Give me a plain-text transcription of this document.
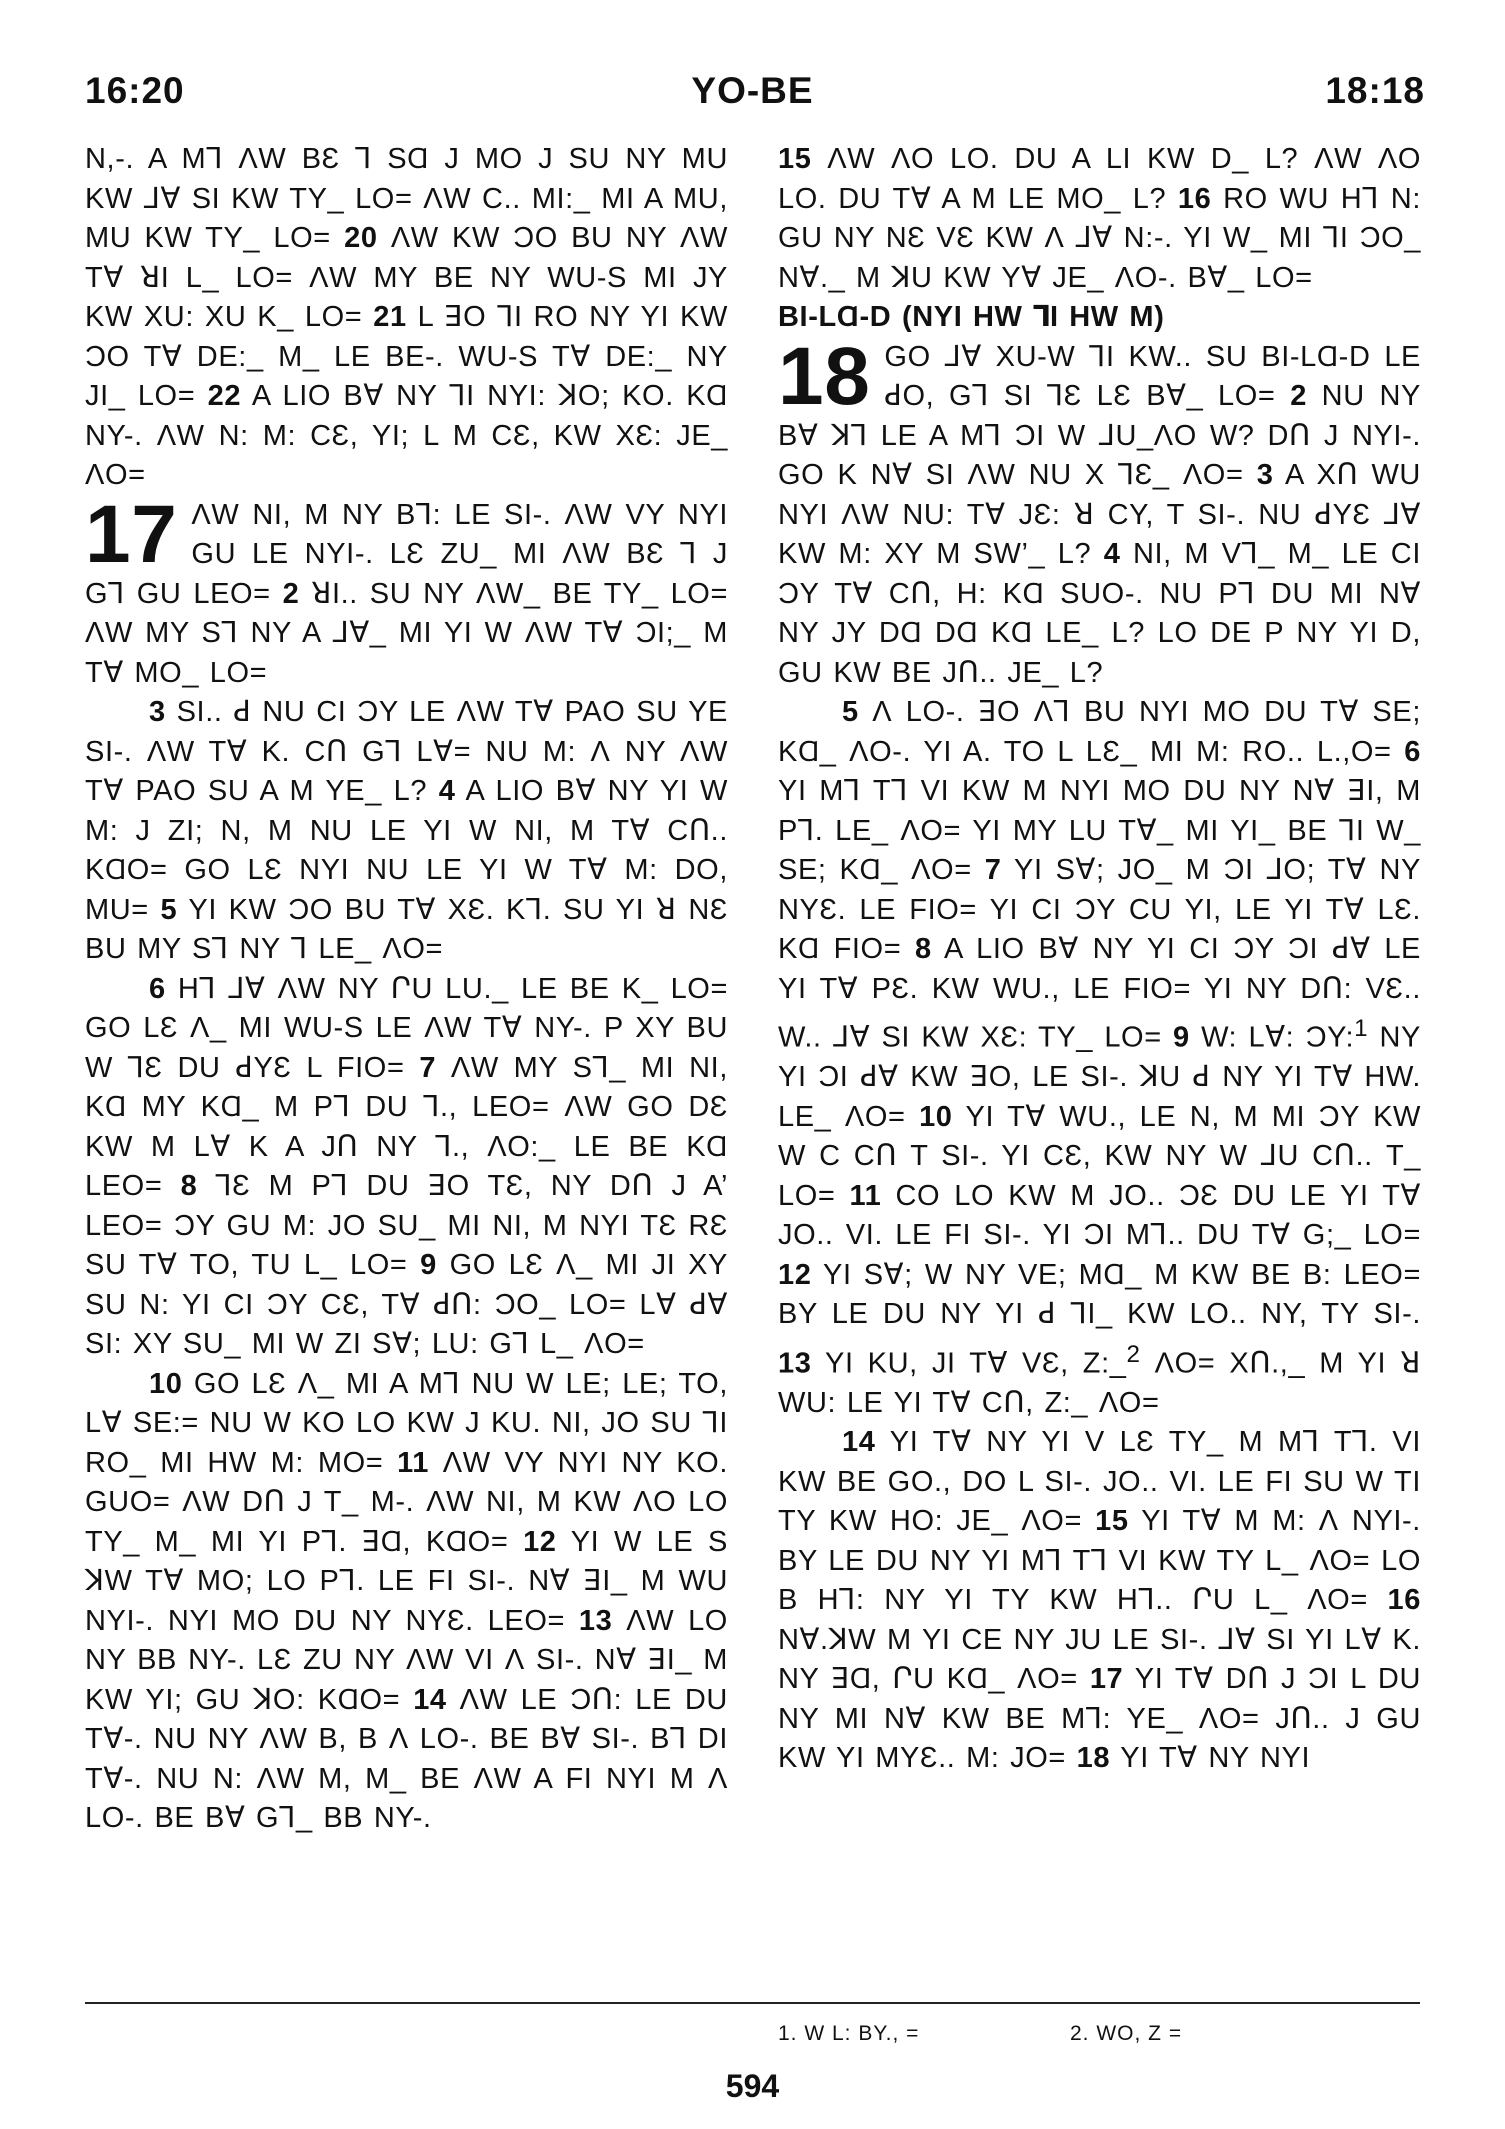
16:20	YO-BE	18:18

N,-. A M⅂ ɅW BƐ ⅂ SⱭ J MO J SU NY MU KW ⅃Ɐ SI KW TY_ LO= ɅW C.. MI:_ MI A MU, MU KW TY_ LO= 20 ɅW KW ƆO BU NY ɅW TⱯ ꓤI L_ LO= ɅW MY BE NY WU-S MI JY KW XU: XU K_ LO= 21 L ꓱO ꓶI RO NY YI KW ƆO TⱯ DE:_ M_ LE BE-. WU-S TⱯ DE:_ NY JI_ LO= 22 A LIO BⱯ NY ꓶI NYI: ꓘO; KO. KⱭ NY-. ɅW N: M: CƐ, YI; L M CƐ, KW XƐ: JE_ ɅO=

17 ɅW NI, M NY B⅂: LE SI-. ɅW VY NYI GU LE NYI-. LƐ ZU_ MI ɅW BƐ ⅂ J G⅂ GU LEO= 2 ꓤI.. SU NY ɅW_ BE TY_ LO= ɅW MY S⅂ NY A ⅃Ɐ_ MI YI W ɅW TⱯ ƆI;_ M TⱯ MO_ LO=

3 SI.. ꓒ NU CI ƆY LE ɅW TⱯ PAO SU YE SI-. ɅW TⱯ K. CՈ G⅂ LⱯ= NU M: Ʌ NY ɅW TⱯ PAO SU A M YE_ L? 4 A LIO BⱯ NY YI W M: J ZI; N, M NU LE YI W NI, M TⱯ CՈ.. KⱭO= GO LƐ NYI NU LE YI W TⱯ M: DO, MU= 5 YI KW ƆO BU TⱯ XƐ. K⅂. SU YI ꓤ NƐ BU MY S⅂ NY ⅂ LE_ ɅO=

6 H⅂ ⅃Ɐ ɅW NY ՐU LU._ LE BE K_ LO= GO LƐ Ʌ_ MI WU-S LE ɅW TⱯ NY-. P XY BU W ꓶƐ DU ꓒYƐ L FIO= 7 ɅW MY S⅂_ MI NI, KⱭ MY KⱭ_ M P⅂ DU ⅂., LEO= ɅW GO DƐ KW M LⱯ K A JՈ NY ⅂., ɅO:_ LE BE KⱭ LEO= 8 ꓶƐ M P⅂ DU ꓱO TƐ, NY DՈ J A’ LEO= ƆY GU M: JO SU_ MI NI, M NYI TƐ RƐ SU TⱯ TO, TU L_ LO= 9 GO LƐ Ʌ_ MI JI XY SU N: YI CI ƆY CƐ, TⱯ ꓒՈ: ƆO_ LO= LⱯ ꓒⱯ SI: XY SU_ MI W ZI SⱯ; LU: G⅂ L_ ɅO=

10 GO LƐ Ʌ_ MI A M⅂ NU W LE; LE; TO, LⱯ SE:= NU W KO LO KW J KU. NI, JO SU ꓶI RO_ MI HW M: MO= 11 ɅW VY NYI NY KO. GUO= ɅW DՈ J T_ M-. ɅW NI, M KW ɅO LO TY_ M_ MI YI P⅂. ꓱⱭ, KⱭO= 12 YI W LE S ꓘW TⱯ MO; LO P⅂. LE FI SI-. NⱯ ꓱI_ M WU NYI-. NYI MO DU NY NYƐ. LEO= 13 ɅW LO NY BB NY-. LƐ ZU NY ɅW VI Ʌ SI-. NⱯ ꓱI_ M KW YI; GU ꓘO: KⱭO= 14 ɅW LE ƆՈ: LE DU TⱯ-. NU NY ɅW B, B Ʌ LO-. BE BⱯ SI-. B⅂ DI TⱯ-. NU N: ɅW M, M_ BE ɅW A FI NYI M Ʌ LO-. BE BⱯ G⅂_ BB NY-.

15 ɅW ɅO LO. DU A LI KW D_ L? ɅW ɅO LO. DU TⱯ A M LE MO_ L? 16 RO WU H⅂ N: GU NY NƐ VƐ KW Ʌ ⅃Ɐ N:-. YI W_ MI ꓶI ƆO_ NⱯ._ M ꓘU KW YⱯ JE_ ɅO-. BⱯ_ LO=

BI-LⱭ-D (NYI HW ꓶI HW M)

18 GO ⅃Ɐ XU-W ꓶI KW.. SU BI-LⱭ-D LE ꓒO, G⅂ SI ꓶƐ LƐ BⱯ_ LO= 2 NU NY BⱯ ꓘ⅂ LE A M⅂ ƆI W ⅃U_ɅO W? DՈ J NYI-. GO K NⱯ SI ɅW NU X ꓶƐ_ ɅO= 3 A XՈ WU NYI ɅW NU: TⱯ JƐ: ꓤ CY, T SI-. NU ꓒYƐ ⅃Ɐ KW M: XY M SW’_ L? 4 NI, M V⅂_ M_ LE CI ƆY TⱯ CՈ, H: KⱭ SUO-. NU P⅂ DU MI NⱯ NY JY DⱭ DⱭ KⱭ LE_ L? LO DE P NY YI D, GU KW BE JՈ.. JE_ L?

5 Ʌ LO-. ꓱO Ʌ⅂ BU NYI MO DU TⱯ SE; KⱭ_ ɅO-. YI A. TO L LƐ_ MI M: RO.. L.,O= 6 YI M⅂ T⅂ VI KW M NYI MO DU NY NⱯ ꓱI, M P⅂. LE_ ɅO= YI MY LU TⱯ_ MI YI_ BE ꓶI W_ SE; KⱭ_ ɅO= 7 YI SⱯ; JO_ M ƆI ⅃O; TⱯ NY NYƐ. LE FIO= YI CI ƆY CU YI, LE YI TⱯ LƐ. KⱭ FIO= 8 A LIO BⱯ NY YI CI ƆY ƆI ꓒⱯ LE YI TⱯ PƐ. KW WU., LE FIO= YI NY DՈ: VƐ.. W.. ⅃Ɐ SI KW XƐ: TY_ LO= 9 W: LⱯ: ƆY:$^1$ NY YI ƆI ꓒⱯ KW ꓱO, LE SI-. ꓘU ꓒ NY YI TⱯ HW. LE_ ɅO= 10 YI TⱯ WU., LE N, M MI ƆY KW W C CՈ T SI-. YI CƐ, KW NY W ⅃U CՈ.. T_ LO= 11 CO LO KW M JO.. ƆƐ DU LE YI TⱯ JO.. VI. LE FI SI-. YI ƆI M⅂.. DU TⱯ G;_ LO= 12 YI SⱯ; W NY VE; MⱭ_ M KW BE B: LEO= BY LE DU NY YI ꓒ ꓶI_ KW LO.. NY, TY SI-. 13 YI KU, JI TⱯ VƐ, Z:_$^2$ ɅO= XՈ.,_ M YI ꓤ WU: LE YI TⱯ CՈ, Z:_ ɅO=

14 YI TⱯ NY YI V LƐ TY_ M M⅂ T⅂. VI KW BE GO., DO L SI-. JO.. VI. LE FI SU W TI TY KW HO: JE_ ɅO= 15 YI TⱯ M M: Ʌ NYI-. BY LE DU NY YI M⅂ T⅂ VI KW TY L_ ɅO= LO B H⅂: NY YI TY KW H⅂.. ՐU L_ ɅO= 16 NⱯ.ꓘW M YI CE NY JU LE SI-. ⅃Ɐ SI YI LⱯ K. NY ꓱⱭ, ՐU KⱭ_ ɅO= 17 YI TⱯ DՈ J ƆI L DU NY MI NⱯ KW BE M⅂: YE_ ɅO= JՈ.. J GU KW YI MYƐ.. M: JO= 18 YI TⱯ NY NYI

1. W L: BY., =	2. WO, Z =
594
